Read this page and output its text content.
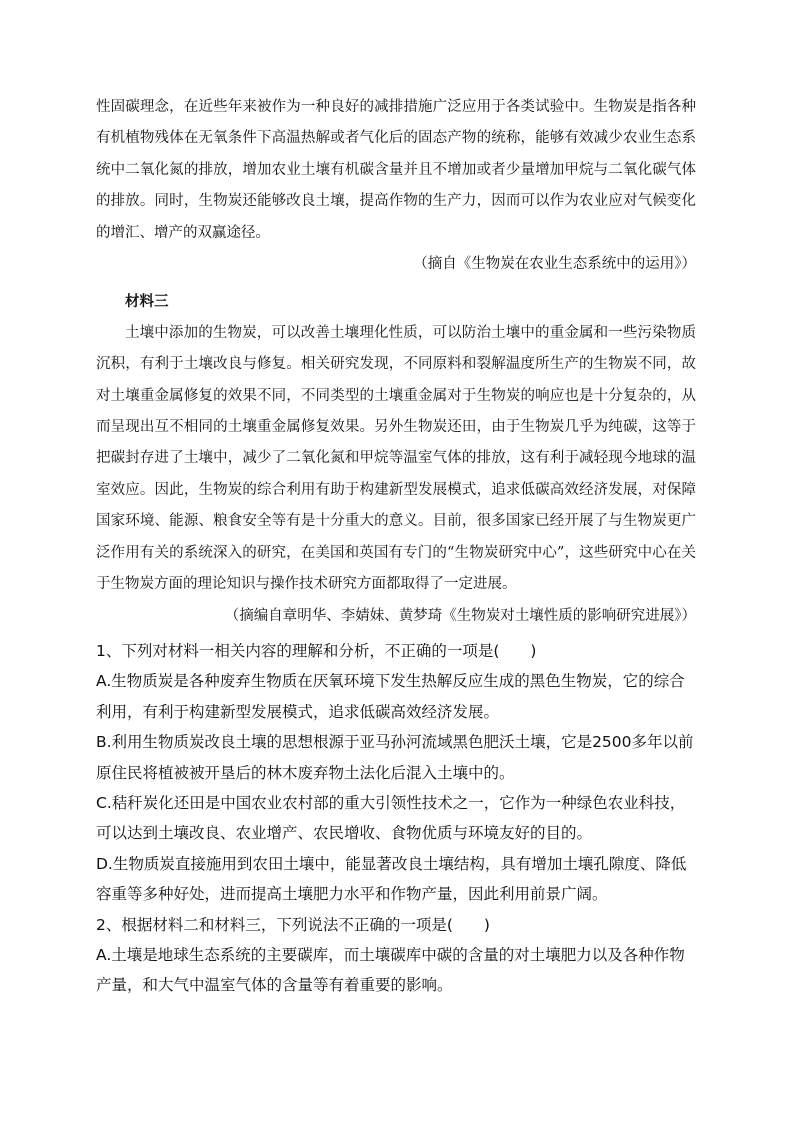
性固碳理念，在近些年来被作为一种良好的减排措施广泛应用于各类试验中。生物炭是指各种有机植物残体在无氧条件下高温热解或者气化后的固态产物的统称，能够有效减少农业生态系统中二氧化氮的排放，增加农业土壤有机碳含量并且不增加或者少量增加甲烷与二氧化碳气体的排放。同时，生物炭还能够改良土壤，提高作物的生产力，因而可以作为农业应对气候变化的增汇、增产的双赢途径。

（摘自《生物炭在农业生态系统中的运用》）

材料三

土壤中添加的生物炭，可以改善土壤理化性质，可以防治土壤中的重金属和一些污染物质沉积，有利于土壤改良与修复。相关研究发现，不同原料和裂解温度所生产的生物炭不同，故对土壤重金属修复的效果不同，不同类型的土壤重金属对于生物炭的响应也是十分复杂的，从而呈现出互不相同的土壤重金属修复效果。另外生物炭还田，由于生物炭几乎为纯碳，这等于把碳封存进了土壤中，减少了二氧化氮和甲烷等温室气体的排放，这有利于减轻现今地球的温室效应。因此，生物炭的综合利用有助于构建新型发展模式，追求低碳高效经济发展，对保障国家环境、能源、粮食安全等有是十分重大的意义。目前，很多国家已经开展了与生物炭更广泛作用有关的系统深入的研究，在美国和英国有专门的“生物炭研究中心”，这些研究中心在关于生物炭方面的理论知识与操作技术研究方面都取得了一定进展。

（摘编自章明华、李婧妹、黄梦琦《生物炭对土壤性质的影响研究进展》）

1、下列对材料一相关内容的理解和分析，不正确的一项是(　　)

A.生物质炭是各种废弃生物质在厌氧环境下发生热解反应生成的黑色生物炭，它的综合利用，有利于构建新型发展模式，追求低碳高效经济发展。

B.利用生物质炭改良土壤的思想根源于亚马孙河流域黑色肥沃土壤，它是2500多年以前原住民将植被被开垦后的林木废弃物土法化后混入土壤中的。

C.秸秆炭化还田是中国农业农村部的重大引领性技术之一，它作为一种绿色农业科技，可以达到土壤改良、农业增产、农民增收、食物优质与环境友好的目的。

D.生物质炭直接施用到农田土壤中，能显著改良土壤结构，具有增加土壤孔隙度、降低容重等多种好处，进而提高土壤肥力水平和作物产量，因此利用前景广阔。

2、根据材料二和材料三，下列说法不正确的一项是(　　)

A.土壤是地球生态系统的主要碳库，而土壤碳库中碳的含量的对土壤肥力以及各种作物产量，和大气中温室气体的含量等有着重要的影响。
